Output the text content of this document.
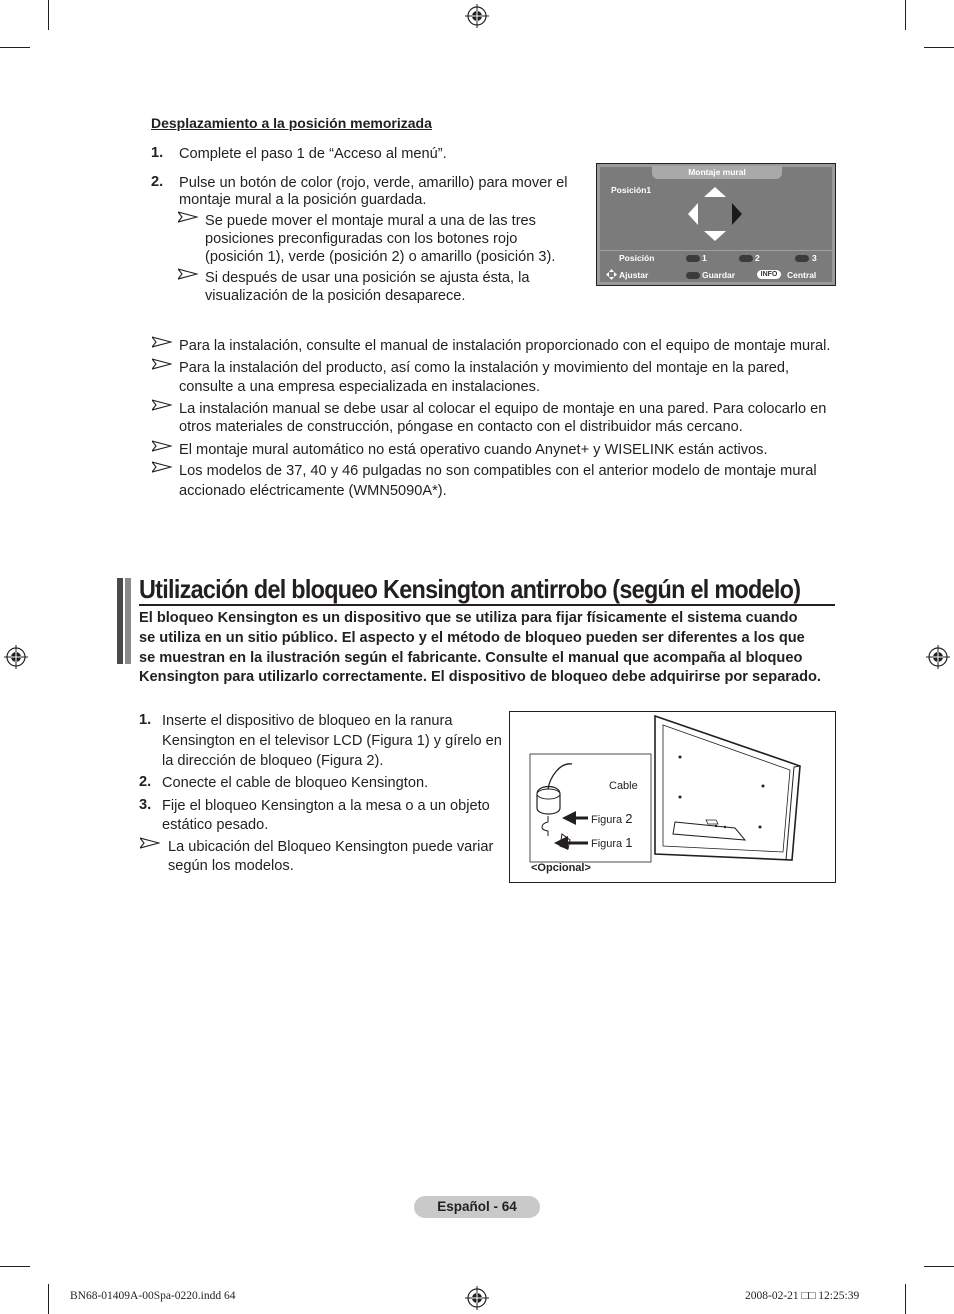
Desplazamiento a la posición memorizada
1. Complete el paso 1 de “Acceso al menú”.
2. Pulse un botón de color (rojo, verde, amarillo) para mover el
montaje mural a la posición guardada.
Se puede mover el montaje mural a una de las tres
posiciones preconfiguradas con los botones rojo
(posición 1), verde (posición 2) o amarillo (posición 3).
Si después de usar una posición se ajusta ésta, la
visualización de la posición desaparece.
Montaje mural
Posición1
Posición	1	2	3
Ajustar	Guardar	INFO	Central
Para la instalación, consulte el manual de instalación proporcionado con el equipo de montaje mural.
Para la instalación del producto, así como la instalación y movimiento del montaje en la pared,
consulte a una empresa especializada en instalaciones.
La instalación manual se debe usar al colocar el equipo de montaje en una pared. Para colocarlo en
otros materiales de construcción, póngase en contacto con el distribuidor más cercano.
El montaje mural automático no está operativo cuando Anynet+ y WISELINK están activos.
Los modelos de 37, 40 y 46 pulgadas no son compatibles con el anterior modelo de montaje mural
accionado eléctricamente (WMN5090A*).
Utilización del bloqueo Kensington antirrobo (según el modelo)
El bloqueo Kensington es un dispositivo que se utiliza para fijar físicamente el sistema cuando
se utiliza en un sitio público. El aspecto y el método de bloqueo pueden ser diferentes a los que
se muestran en la ilustración según el fabricante. Consulte el manual que acompaña al bloqueo
Kensington para utilizarlo correctamente. El dispositivo de bloqueo debe adquirirse por separado.
1. Inserte el dispositivo de bloqueo en la ranura
Kensington en el televisor LCD (Figura 1) y gírelo en
la dirección de bloqueo (Figura 2).
2. Conecte el cable de bloqueo Kensington.
3. Fije el bloqueo Kensington a la mesa o a un objeto
estático pesado.
La ubicación del Bloqueo Kensington puede variar
según los modelos.
Cable
Figura 2
Figura 1
<Opcional>
Español - 64
BN68-01409A-00Spa-0220.indd 64	2008-02-21 □□ 12:25:39
